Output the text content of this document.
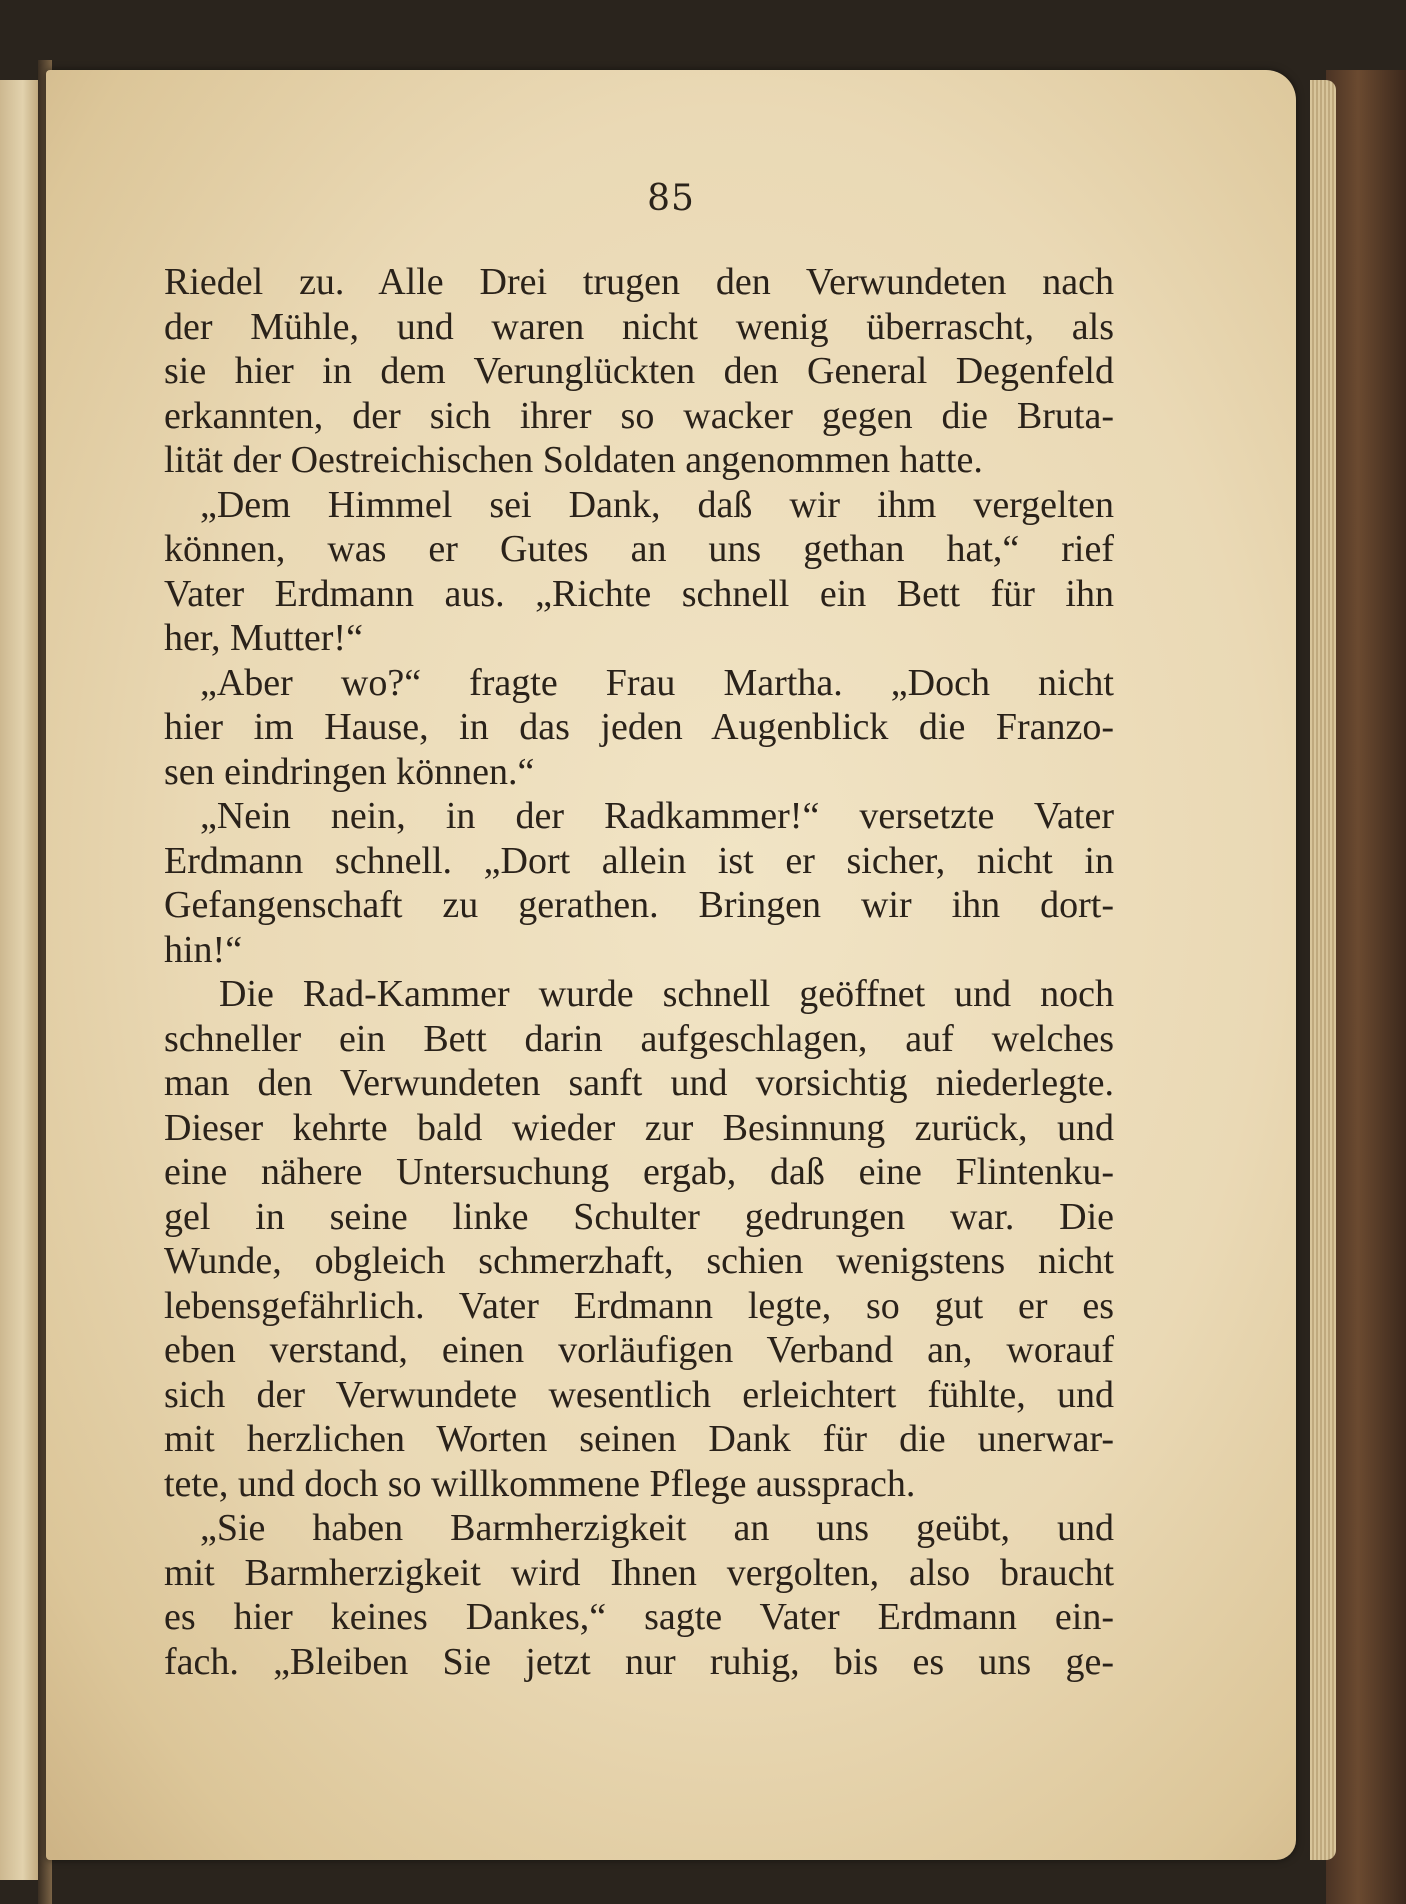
85
Riedel zu. Alle Drei trugen den Verwundeten nach
der Mühle, und waren nicht wenig überrascht, als
sie hier in dem Verunglückten den General Degenfeld
erkannten, der sich ihrer so wacker gegen die Bruta-
lität der Oestreichischen Soldaten angenommen hatte.
„Dem Himmel sei Dank, daß wir ihm vergelten
können, was er Gutes an uns gethan hat,“ rief
Vater Erdmann aus. „Richte schnell ein Bett für ihn
her, Mutter!“
„Aber wo?“ fragte Frau Martha. „Doch nicht
hier im Hause, in das jeden Augenblick die Franzo-
sen eindringen können.“
„Nein nein, in der Radkammer!“ versetzte Vater
Erdmann schnell. „Dort allein ist er sicher, nicht in
Gefangenschaft zu gerathen. Bringen wir ihn dort-
hin!“
Die Rad-Kammer wurde schnell geöffnet und noch
schneller ein Bett darin aufgeschlagen, auf welches
man den Verwundeten sanft und vorsichtig niederlegte.
Dieser kehrte bald wieder zur Besinnung zurück, und
eine nähere Untersuchung ergab, daß eine Flintenku-
gel in seine linke Schulter gedrungen war. Die
Wunde, obgleich schmerzhaft, schien wenigstens nicht
lebensgefährlich. Vater Erdmann legte, so gut er es
eben verstand, einen vorläufigen Verband an, worauf
sich der Verwundete wesentlich erleichtert fühlte, und
mit herzlichen Worten seinen Dank für die unerwar-
tete, und doch so willkommene Pflege aussprach.
„Sie haben Barmherzigkeit an uns geübt, und
mit Barmherzigkeit wird Ihnen vergolten, also braucht
es hier keines Dankes,“ sagte Vater Erdmann ein-
fach. „Bleiben Sie jetzt nur ruhig, bis es uns ge-
